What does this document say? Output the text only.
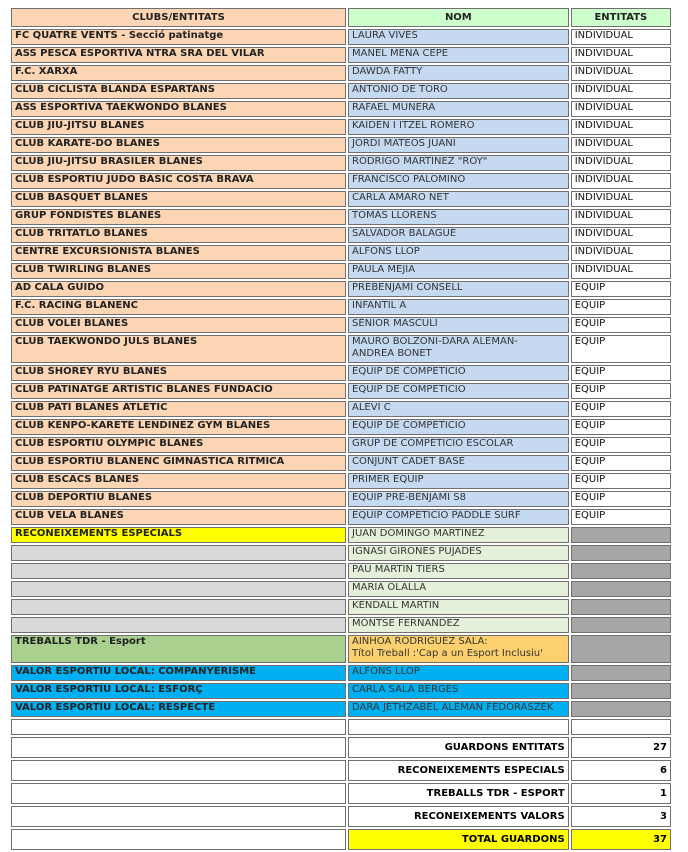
CLUBS/ENTITATS	NOM	ENTITATS
FC QUATRE VENTS - Secció patinatge	LAURA VIVES	INDIVIDUAL
ASS PESCA ESPORTIVA NTRA SRA DEL VILAR	MANEL MENA CEPE	INDIVIDUAL
F.C. XARXA	DAWDA FATTY	INDIVIDUAL
CLUB CICLISTA BLANDA ESPARTANS	ANTONIO DE TORO	INDIVIDUAL
ASS ESPORTIVA TAEKWONDO BLANES	RAFAEL MUNERA	INDIVIDUAL
CLUB JIU-JITSU BLANES	KAIDEN I ITZEL ROMERO	INDIVIDUAL
CLUB KARATE-DO BLANES	JORDI MATEOS JUANÍ	INDIVIDUAL
CLUB JIU-JITSU BRASILER BLANES	RODRIGO MARTÍNEZ "ROY"	INDIVIDUAL
CLUB ESPORTIU JUDO BÀSIC COSTA BRAVA	FRANCISCO PALOMINO	INDIVIDUAL
CLUB BASQUET BLANES	CARLA AMARO NET	INDIVIDUAL
GRUP FONDISTES BLANES	TOMÁS LLORENS	INDIVIDUAL
CLUB TRITATLÓ BLANES	SALVADOR BALAGUÉ	INDIVIDUAL
CENTRE EXCURSIONISTA BLANES	ALFONS LLOP	INDIVIDUAL
CLUB TWIRLING BLANES	PAULA MEJÍA	INDIVIDUAL
AD CALA GUIDO	PREBENJAMÍ CONSELL	EQUIP
F.C. RACING BLANENC	INFANTIL A	EQUIP
CLUB VOLEI BLANES	SÉNIOR MASCULÍ	EQUIP
CLUB TAEKWONDO JULS BLANES	MAURO BOLZONI-DARA ALEMAN-
ANDREA BONET	EQUIP
CLUB SHOREY RYU BLANES	EQUIP DE COMPETICIÓ	EQUIP
CLUB PATINATGE ARTÍSTIC BLANES FUNDACIÓ	EQUIP DE COMPETICIÓ	EQUIP
CLUB PATÍ BLANES ATLÈTIC	ALEVÍ C	EQUIP
CLUB KENPO-KARETE LENDINEZ GYM BLANES	EQUIP DE COMPETICIÓ	EQUIP
CLUB ESPORTIU OLYMPIC BLANES	GRUP DE COMPETICIÓ ESCOLAR	EQUIP
CLUB ESPORTIU BLANENC GIMNÀSTICA RÍTMICA	CONJUNT CADET BASE	EQUIP
CLUB ESCACS BLANES	PRIMER EQUIP	EQUIP
CLUB DEPORTIU BLANES	EQUIP PRE-BENJAMI S8	EQUIP
CLUB VELA BLANES	EQUIP COMPETICIÓ PADDLE SURF	EQUIP
RECONEIXEMENTS ESPECIALS	JUAN DOMINGO MARTINEZ	
	IGNASI GIRONES PUJADES	
	PAU MARTIN TIERS	
	MARIA OLALLA	
	KENDALL MARTIN	
	MONTSE FERNANDEZ	
TREBALLS TDR - Esport	AINHOA RODRÍGUEZ SALA:
Títol Treball :'Cap a un Esport Inclusiu'	

VALOR ESPORTIU LOCAL: COMPANYERISME	ALFONS LLOP	
VALOR ESPORTIU LOCAL: ESFORÇ	CARLA SALA BERGÉS	
VALOR ESPORTIU LOCAL: RESPECTE	DARA JETHZABEL ALEMAN FEDORASZEK	

	GUARDONS ENTITATS	27
	RECONEIXEMENTS ESPECIALS	6
	TREBALLS TDR - ESPORT	1
	RECONEIXEMENTS VALORS	3
	TOTAL GUARDONS	37
